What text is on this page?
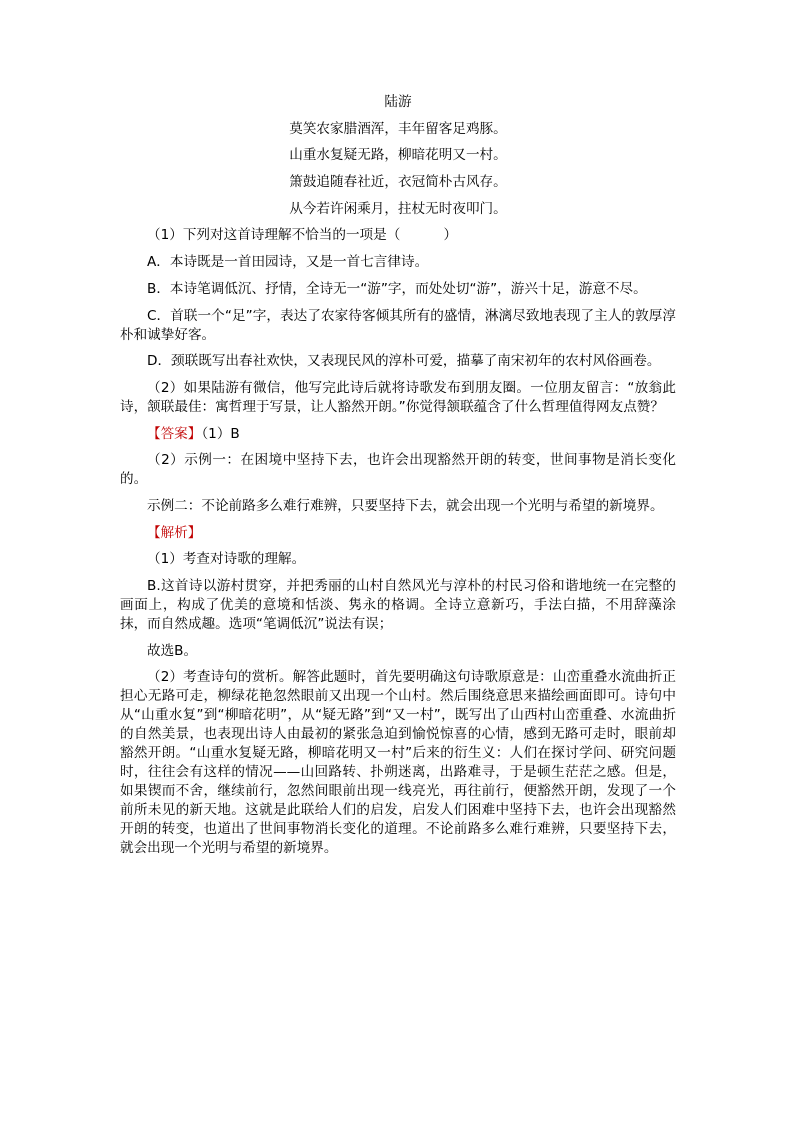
陆游
莫笑农家腊酒浑，丰年留客足鸡豚。
山重水复疑无路，柳暗花明又一村。
箫鼓追随春社近，衣冠简朴古风存。
从今若许闲乘月，拄杖无时夜叩门。
（1）下列对这首诗理解不恰当的一项是（          ）
A．本诗既是一首田园诗，又是一首七言律诗。
B．本诗笔调低沉、抒情，全诗无一“游”字，而处处切“游”，游兴十足，游意不尽。
C．首联一个“足”字，表达了农家待客倾其所有的盛情，淋漓尽致地表现了主人的敦厚淳朴和诚挚好客。
D．颈联既写出春社欢快，又表现民风的淳朴可爱，描摹了南宋初年的农村风俗画卷。
（2）如果陆游有微信，他写完此诗后就将诗歌发布到朋友圈。一位朋友留言：“放翁此诗，颔联最佳：寓哲理于写景，让人豁然开朗。”你觉得颔联蕴含了什么哲理值得网友点赞？
【答案】（1）B
（2）示例一：在困境中坚持下去，也许会出现豁然开朗的转变，世间事物是消长变化的。
示例二：不论前路多么难行难辨，只要坚持下去，就会出现一个光明与希望的新境界。
【解析】
（1）考查对诗歌的理解。
B.这首诗以游村贯穿，并把秀丽的山村自然风光与淳朴的村民习俗和谐地统一在完整的画面上，构成了优美的意境和恬淡、隽永的格调。全诗立意新巧，手法白描，不用辞藻涂抹，而自然成趣。选项“笔调低沉”说法有误；
故选B。
（2）考查诗句的赏析。解答此题时，首先要明确这句诗歌原意是：山峦重叠水流曲折正担心无路可走，柳绿花艳忽然眼前又出现一个山村。然后围绕意思来描绘画面即可。诗句中从“山重水复”到“柳暗花明”，从“疑无路”到“又一村”，既写出了山西村山峦重叠、水流曲折的自然美景，也表现出诗人由最初的紧张急迫到愉悦惊喜的心情，感到无路可走时，眼前却豁然开朗。“山重水复疑无路，柳暗花明又一村”后来的衍生义：人们在探讨学问、研究问题时，往往会有这样的情况——山回路转、扑朔迷离，出路难寻，于是顿生茫茫之感。但是，如果锲而不舍，继续前行，忽然间眼前出现一线亮光，再往前行，便豁然开朗，发现了一个前所未见的新天地。这就是此联给人们的启发，启发人们困难中坚持下去，也许会出现豁然开朗的转变，也道出了世间事物消长变化的道理。不论前路多么难行难辨，只要坚持下去，就会出现一个光明与希望的新境界。
